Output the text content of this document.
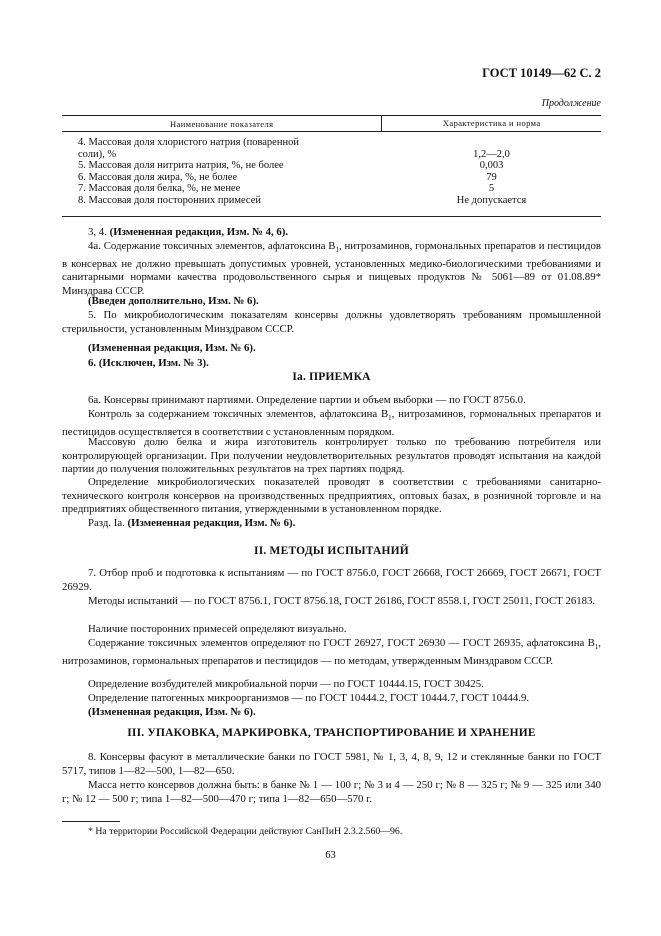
ГОСТ 10149—62 С. 2
Продолжение
Наименование показателя	Характеристика и норма
4. Массовая доля хлористого натрия (поваренной соли), %	1,2—2,0
5. Массовая доля нитрита натрия, %, не более	0,003
6. Массовая доля жира, %, не более	79
7. Массовая доля белка, %, не менее	5
8. Массовая доля посторонних примесей	Не допускается
3, 4. (Измененная редакция, Изм. № 4, 6).
4а. Содержание токсичных элементов, афлатоксина $В_1$, нитрозаминов, гормональных препаратов и пестицидов в консервах не должно превышать допустимых уровней, установленных медико-биологическими требованиями и санитарными нормами качества продовольственного сырья и пищевых продуктов № 5061—89 от 01.08.89* Минздрава СССР.
(Введен дополнительно, Изм. № 6).
5. По микробиологическим показателям консервы должны удовлетворять требованиям промышленной стерильности, установленным Минздравом СССР.
(Измененная редакция, Изм. № 6).
6. (Исключен, Изм. № 3).
Iа. ПРИЕМКА
6а. Консервы принимают партиями. Определение партии и объем выборки — по ГОСТ 8756.0.
Контроль за содержанием токсичных элементов, афлатоксина $В_1$, нитрозаминов, гормональных препаратов и пестицидов осуществляется в соответствии с установленным порядком.
Массовую долю белка и жира изготовитель контролирует только по требованию потребителя или контролирующей организации. При получении неудовлетворительных результатов проводят испытания на каждой партии до получения положительных результатов на трех партиях подряд.
Определение микробиологических показателей проводят в соответствии с требованиями санитарно-технического контроля консервов на производственных предприятиях, оптовых базах, в розничной торговле и на предприятиях общественного питания, утвержденными в установленном порядке.
Разд. Iа. (Измененная редакция, Изм. № 6).
II. МЕТОДЫ ИСПЫТАНИЙ
7. Отбор проб и подготовка к испытаниям — по ГОСТ 8756.0, ГОСТ 26668, ГОСТ 26669, ГОСТ 26671, ГОСТ 26929.
Методы испытаний — по ГОСТ 8756.1, ГОСТ 8756.18, ГОСТ 26186, ГОСТ 8558.1, ГОСТ 25011, ГОСТ 26183.
Наличие посторонних примесей определяют визуально.
Содержание токсичных элементов определяют по ГОСТ 26927, ГОСТ 26930 — ГОСТ 26935, афлатоксина $В_1$, нитрозаминов, гормональных препаратов и пестицидов — по методам, утвержденным Минздравом СССР.
Определение возбудителей микробиальной порчи — по ГОСТ 10444.15, ГОСТ 30425.
Определение патогенных микроорганизмов — по ГОСТ 10444.2, ГОСТ 10444.7, ГОСТ 10444.9.
(Измененная редакция, Изм. № 6).
III. УПАКОВКА, МАРКИРОВКА, ТРАНСПОРТИРОВАНИЕ И ХРАНЕНИЕ
8. Консервы фасуют в металлические банки по ГОСТ 5981, № 1, 3, 4, 8, 9, 12 и стеклянные банки по ГОСТ 5717, типов 1—82—500, 1—82—650.
Масса нетто консервов должна быть: в банке № 1 — 100 г; № 3 и 4 — 250 г; № 8 — 325 г; № 9 — 325 или 340 г; № 12 — 500 г; типа 1—82—500—470 г; типа 1—82—650—570 г.
* На территории Российской Федерации действуют СанПиН 2.3.2.560—96.
63
